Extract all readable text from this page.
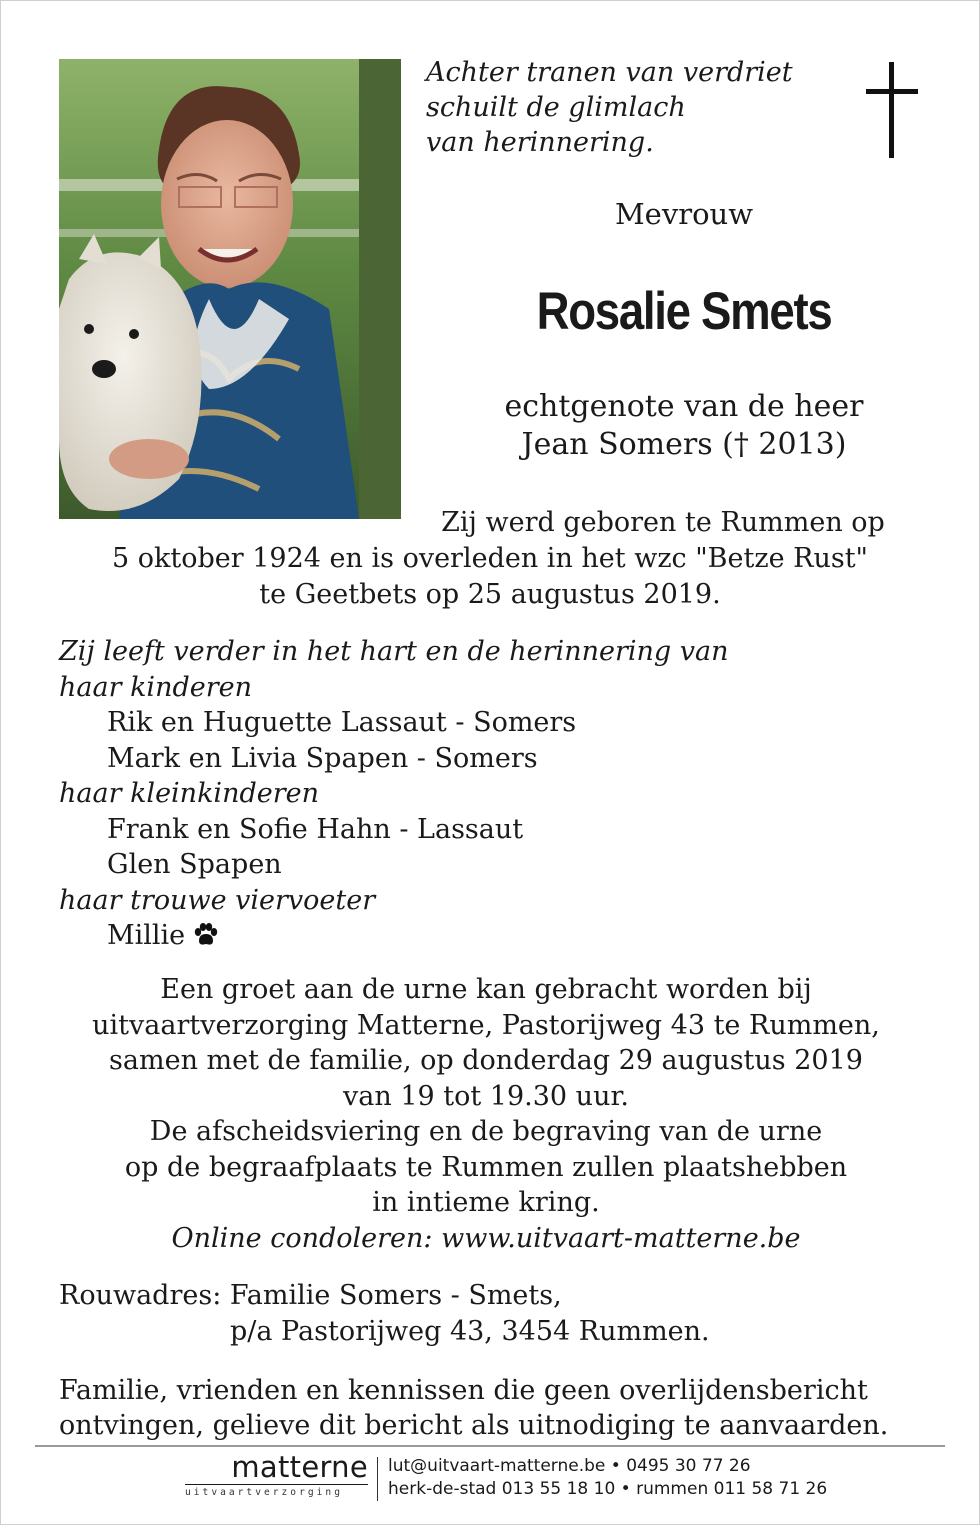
Achter tranen van verdriet
schuilt de glimlach
van herinnering.
Mevrouw
Rosalie Smets
echtgenote van de heer
Jean Somers († 2013)
Zij werd geboren te Rummen op
5 oktober 1924 en is overleden in het wzc "Betze Rust"
te Geetbets op 25 augustus 2019.
Zij leeft verder in het hart en de herinnering van
haar kinderen
Rik en Huguette Lassaut - Somers
Mark en Livia Spapen - Somers
haar kleinkinderen
Frank en Sofie Hahn - Lassaut
Glen Spapen
haar trouwe viervoeter
Millie
Een groet aan de urne kan gebracht worden bij
uitvaartverzorging Matterne, Pastorijweg 43 te Rummen,
samen met de familie, op donderdag 29 augustus 2019
van 19 tot 19.30 uur.
De afscheidsviering en de begraving van de urne
op de begraafplaats te Rummen zullen plaatshebben
in intieme kring.
Online condoleren: www.uitvaart-matterne.be
Rouwadres: Familie Somers - Smets,
p/a Pastorijweg 43, 3454 Rummen.
Familie, vrienden en kennissen die geen overlijdensbericht
ontvingen, gelieve dit bericht als uitnodiging te aanvaarden.
matterne
uitvaartverzorging
lut@uitvaart-matterne.be • 0495 30 77 26
herk-de-stad 013 55 18 10 • rummen 011 58 71 26
